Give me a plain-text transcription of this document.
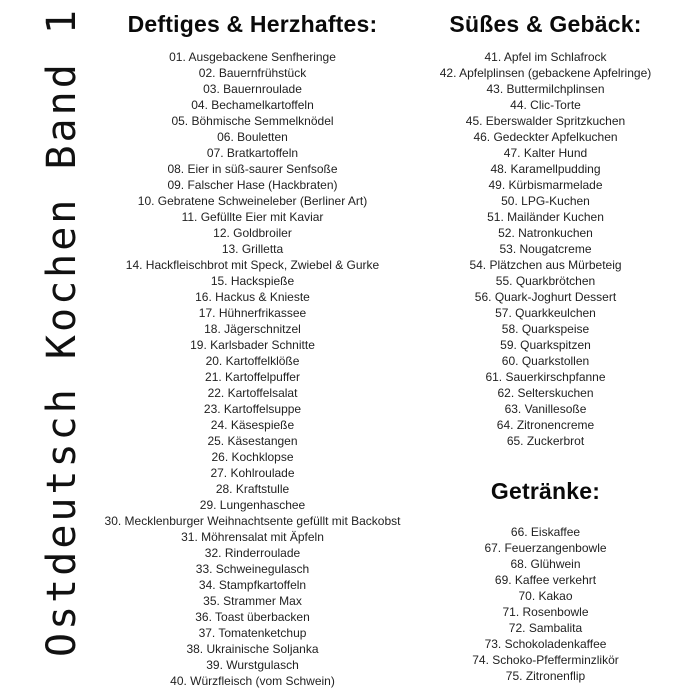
Ostdeutsch Kochen Band 1	Deftiges & Herzhaftes:
01. Ausgebackene Senfheringe
02. Bauernfrühstück
03. Bauernroulade
04. Bechamelkartoffeln
05. Böhmische Semmelknödel
06. Bouletten
07. Bratkartoffeln
08. Eier in süß-saurer Senfsoße
09. Falscher Hase (Hackbraten)
10. Gebratene Schweineleber (Berliner Art)
11. Gefüllte Eier mit Kaviar
12. Goldbroiler
13. Grilletta
14. Hackfleischbrot mit Speck, Zwiebel & Gurke
15. Hackspieße
16. Hackus & Knieste
17. Hühnerfrikassee
18. Jägerschnitzel
19. Karlsbader Schnitte
20. Kartoffelklöße
21. Kartoffelpuffer
22. Kartoffelsalat
23. Kartoffelsuppe
24. Käsespieße
25. Käsestangen
26. Kochklopse
27. Kohlroulade
28. Kraftstulle
29. Lungenhaschee
30. Mecklenburger Weihnachtsente gefüllt mit Backobst
31. Möhrensalat mit Äpfeln
32. Rinderroulade
33. Schweinegulasch
34. Stampfkartoffeln
35. Strammer Max
36. Toast überbacken
37. Tomatenketchup
38. Ukrainische Soljanka
39. Wurstgulasch
40. Würzfleisch (vom Schwein)
Süßes & Gebäck:
41. Apfel im Schlafrock
42. Apfelplinsen (gebackene Apfelringe)
43. Buttermilchplinsen
44. Clic-Torte
45. Eberswalder Spritzkuchen
46. Gedeckter Apfelkuchen
47. Kalter Hund
48. Karamellpudding
49. Kürbismarmelade
50. LPG-Kuchen
51. Mailänder Kuchen
52. Natronkuchen
53. Nougatcreme
54. Plätzchen aus Mürbeteig
55. Quarkbrötchen
56. Quark-Joghurt Dessert
57. Quarkkeulchen
58. Quarkspeise
59. Quarkspitzen
60. Quarkstollen
61. Sauerkirschpfanne
62. Selterskuchen
63. Vanillesoße
64. Zitronencreme
65. Zuckerbrot
Getränke:
66. Eiskaffee
67. Feuerzangenbowle
68. Glühwein
69. Kaffee verkehrt
70. Kakao
71. Rosenbowle
72. Sambalita
73. Schokoladenkaffee
74. Schoko-Pfefferminzlikör
75. Zitronenflip
